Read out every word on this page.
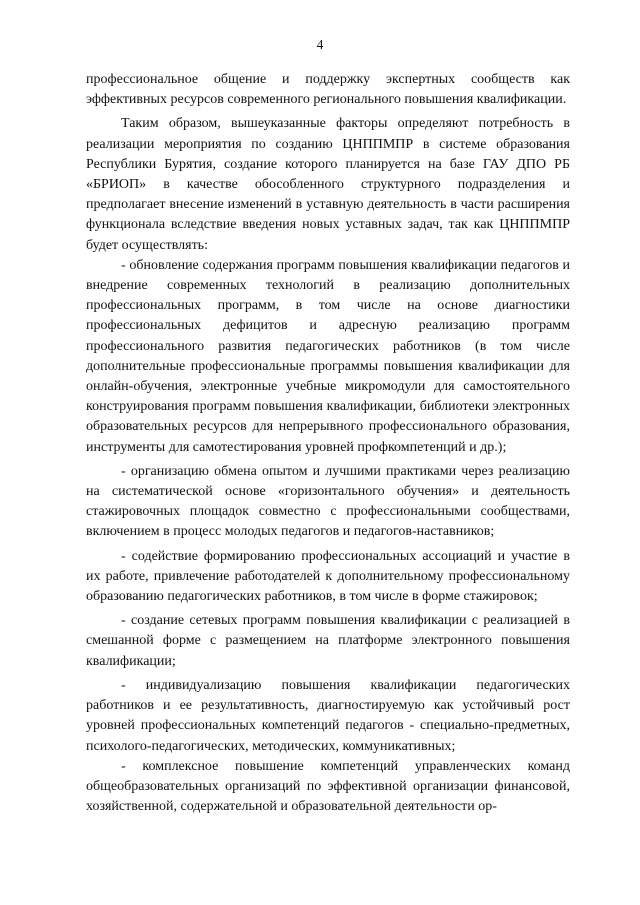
4

профессиональное общение и поддержку экспертных сообществ как эффективных ресурсов современного регионального повышения квалификации.

Таким образом, вышеуказанные факторы определяют потребность в реализации мероприятия по созданию ЦНППМПР в системе образования Республики Бурятия, создание которого планируется на базе ГАУ ДПО РБ «БРИОП» в качестве обособленного структурного подразделения и предполагает внесение изменений в уставную деятельность в части расширения функционала вследствие введения новых уставных задач, так как ЦНППМПР будет осуществлять:

- обновление содержания программ повышения квалификации педагогов и внедрение современных технологий в реализацию дополнительных профессиональных программ, в том числе на основе диагностики профессиональных дефицитов и адресную реализацию программ профессионального развития педагогических работников (в том числе дополнительные профессиональные программы повышения квалификации для онлайн-обучения, электронные учебные микромодули для самостоятельного конструирования программ повышения квалификации, библиотеки электронных образовательных ресурсов для непрерывного профессионального образования, инструменты для самотестирования уровней профкомпетенций и др.);

- организацию обмена опытом и лучшими практиками через реализацию на систематической основе «горизонтального обучения» и деятельность стажировочных площадок совместно с профессиональными сообществами, включением в процесс молодых педагогов и педагогов-наставников;

- содействие формированию профессиональных ассоциаций и участие в их работе, привлечение работодателей к дополнительному профессиональному образованию педагогических работников, в том числе в форме стажировок;

- создание сетевых программ повышения квалификации с реализацией в смешанной форме с размещением на платформе электронного повышения квалификации;

- индивидуализацию повышения квалификации педагогических работников и ее результативность, диагностируемую как устойчивый рост уровней профессиональных компетенций педагогов - специально-предметных, психолого-педагогических, методических, коммуникативных;

- комплексное повышение компетенций управленческих команд общеобразовательных организаций по эффективной организации финансовой, хозяйственной, содержательной и образовательной деятельности ор-
